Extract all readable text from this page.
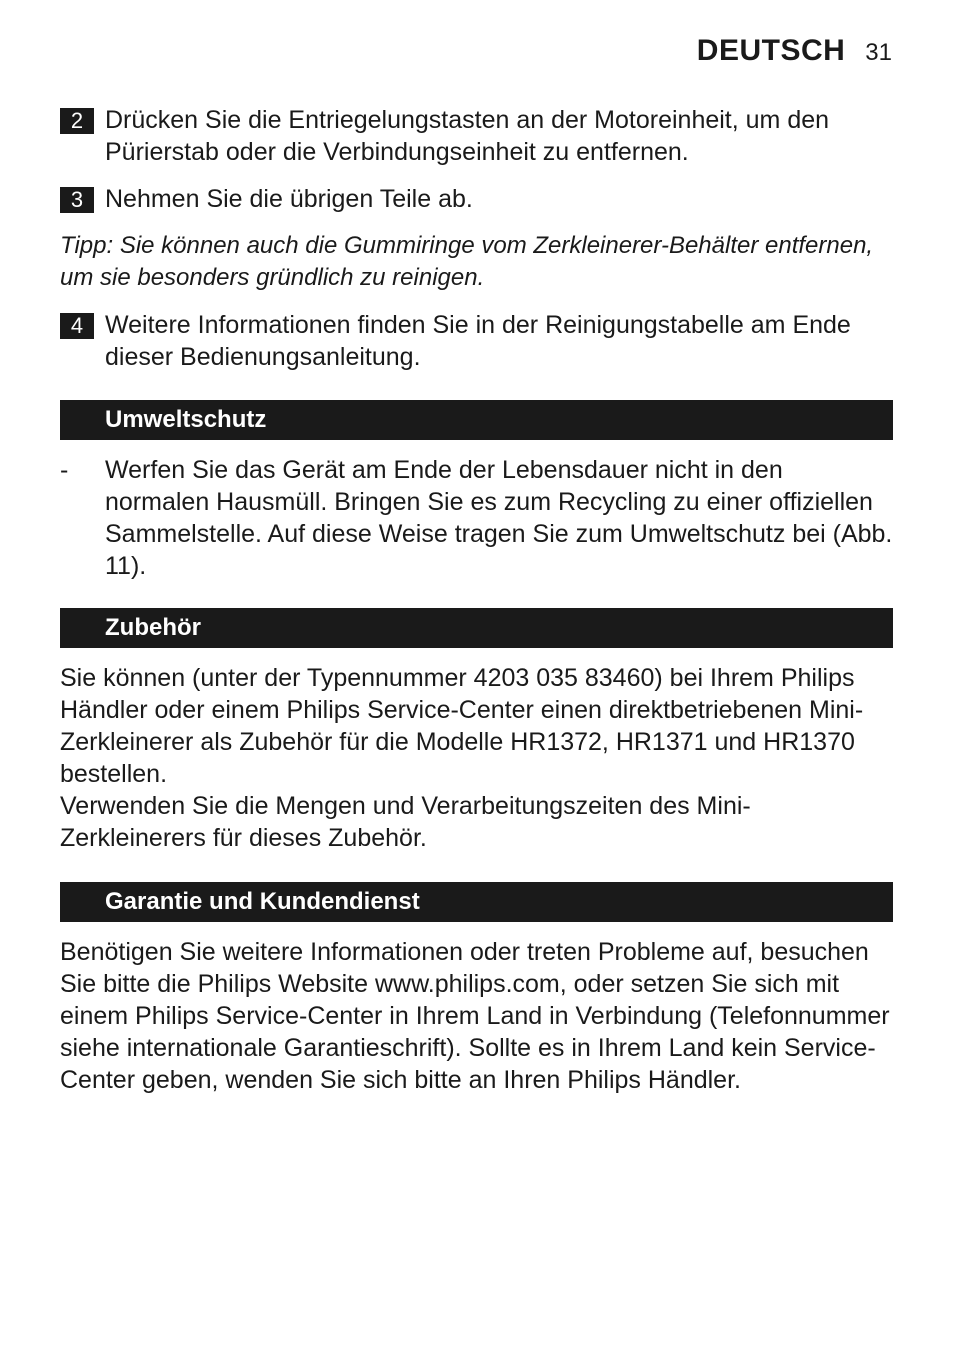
DEUTSCH 31
2 Drücken Sie die Entriegelungstasten an der Motoreinheit, um den Pürierstab oder die Verbindungseinheit zu entfernen.

3 Nehmen Sie die übrigen Teile ab.

Tipp: Sie können auch die Gummiringe vom Zerkleinerer-Behälter entfernen, um sie besonders gründlich zu reinigen.

4 Weitere Informationen finden Sie in der Reinigungstabelle am Ende dieser Bedienungsanleitung.

Umweltschutz
-	Werfen Sie das Gerät am Ende der Lebensdauer nicht in den normalen Hausmüll. Bringen Sie es zum Recycling zu einer offiziellen Sammelstelle. Auf diese Weise tragen Sie zum Umweltschutz bei (Abb. 11).

Zubehör

Sie können (unter der Typennummer 4203 035 83460) bei Ihrem Philips Händler oder einem Philips Service-Center einen direktbetriebenen Mini-Zerkleinerer als Zubehör für die Modelle HR1372, HR1371 und HR1370 bestellen.

Verwenden Sie die Mengen und Verarbeitungszeiten des Mini-Zerkleinerers für dieses Zubehör.

Garantie und Kundendienst

Benötigen Sie weitere Informationen oder treten Probleme auf, besuchen Sie bitte die Philips Website www.philips.com, oder setzen Sie sich mit einem Philips Service-Center in Ihrem Land in Verbindung (Telefonnummer siehe internationale Garantieschrift). Sollte es in Ihrem Land kein Service-Center geben, wenden Sie sich bitte an Ihren Philips Händler.
